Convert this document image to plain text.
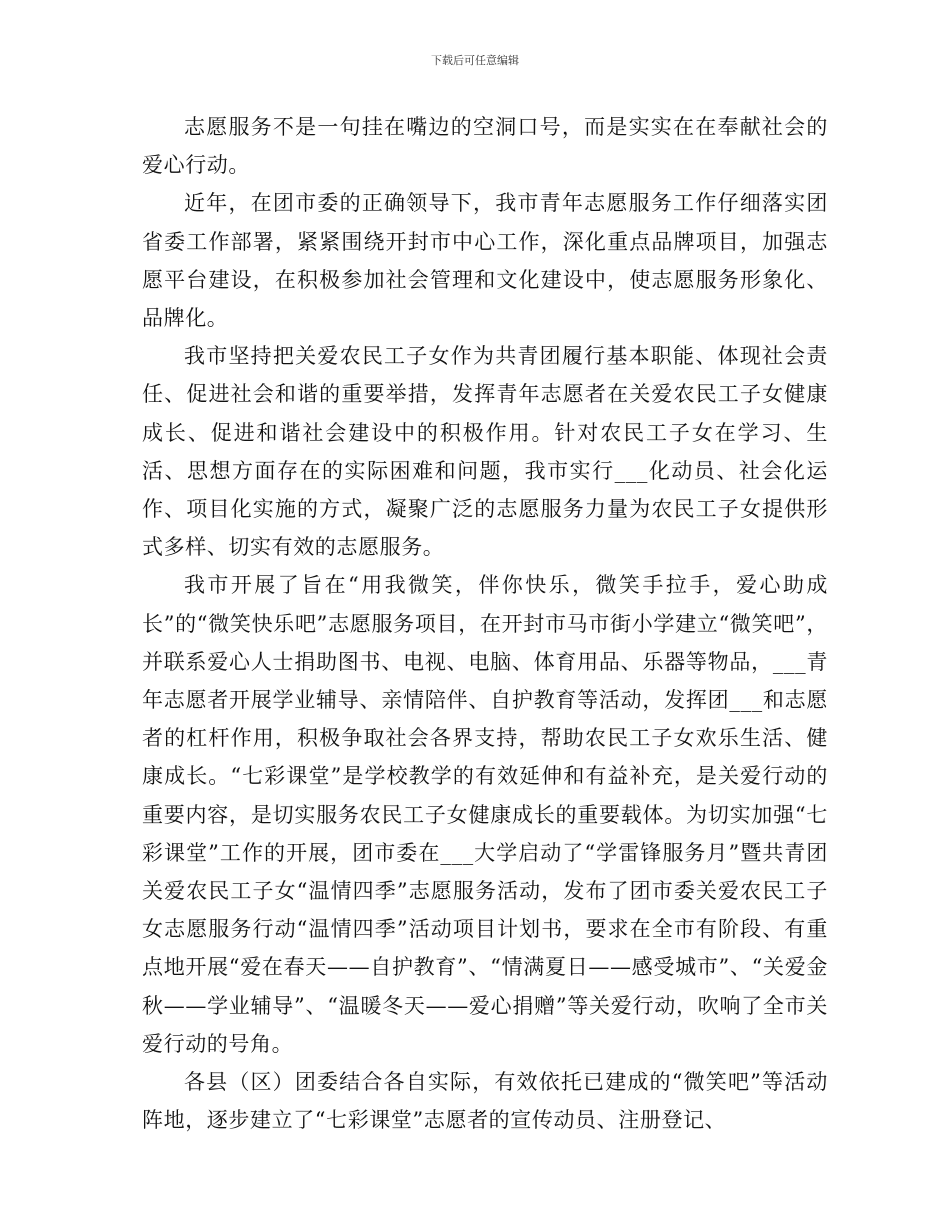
下载后可任意编辑

志愿服务不是一句挂在嘴边的空洞口号，而是实实在在奉献社会的爱心行动。

近年，在团市委的正确领导下，我市青年志愿服务工作仔细落实团省委工作部署，紧紧围绕开封市中心工作，深化重点品牌项目，加强志愿平台建设，在积极参加社会管理和文化建设中，使志愿服务形象化、品牌化。

我市坚持把关爱农民工子女作为共青团履行基本职能、体现社会责任、促进社会和谐的重要举措，发挥青年志愿者在关爱农民工子女健康成长、促进和谐社会建设中的积极作用。针对农民工子女在学习、生活、思想方面存在的实际困难和问题，我市实行___化动员、社会化运作、项目化实施的方式，凝聚广泛的志愿服务力量为农民工子女提供形式多样、切实有效的志愿服务。

我市开展了旨在“用我微笑，伴你快乐，微笑手拉手，爱心助成长”的“微笑快乐吧”志愿服务项目，在开封市马市街小学建立“微笑吧”，并联系爱心人士捐助图书、电视、电脑、体育用品、乐器等物品，___青年志愿者开展学业辅导、亲情陪伴、自护教育等活动，发挥团___和志愿者的杠杆作用，积极争取社会各界支持，帮助农民工子女欢乐生活、健康成长。“七彩课堂”是学校教学的有效延伸和有益补充，是关爱行动的重要内容，是切实服务农民工子女健康成长的重要载体。为切实加强“七彩课堂”工作的开展，团市委在___大学启动了“学雷锋服务月”暨共青团关爱农民工子女“温情四季”志愿服务活动，发布了团市委关爱农民工子女志愿服务行动“温情四季”活动项目计划书，要求在全市有阶段、有重点地开展“爱在春天——自护教育”、“情满夏日——感受城市”、“关爱金秋——学业辅导”、“温暖冬天——爱心捐赠”等关爱行动，吹响了全市关爱行动的号角。

各县（区）团委结合各自实际，有效依托已建成的“微笑吧”等活动阵地，逐步建立了“七彩课堂”志愿者的宣传动员、注册登记、
